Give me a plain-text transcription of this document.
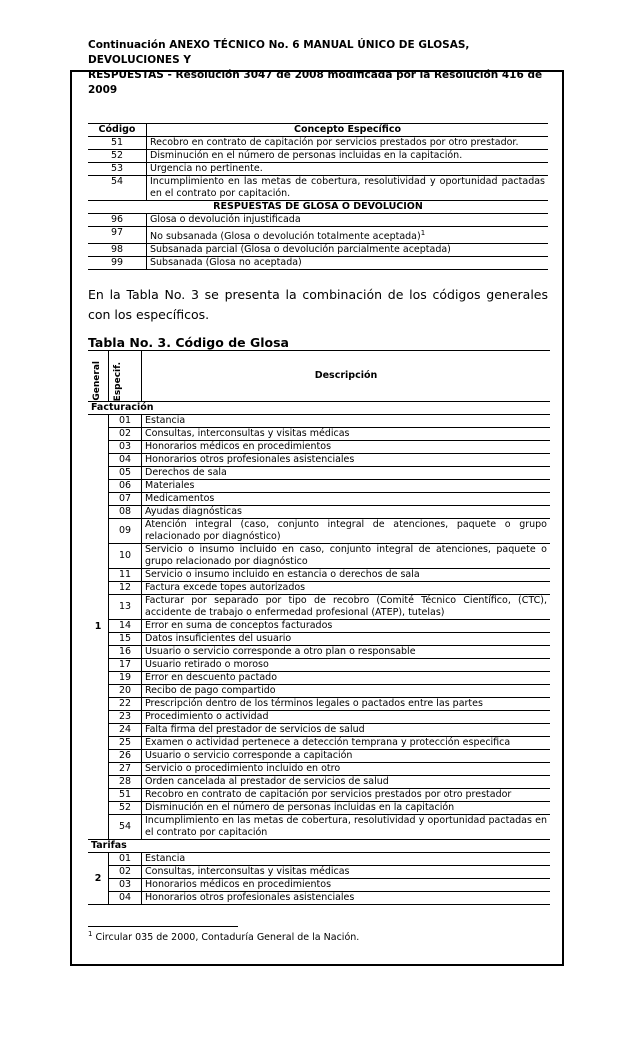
Continuación ANEXO TÉCNICO No. 6 MANUAL ÚNICO DE GLOSAS, DEVOLUCIONES Y
RESPUESTAS - Resolución 3047 de 2008 modificada por la Resolución 416 de 2009
Código	Concepto Específico
51	Recobro en contrato de capitación por servicios prestados por otro prestador.
52	Disminución en el número de personas incluidas en la capitación.
53	Urgencia no pertinente.
54	Incumplimiento en las metas de cobertura, resolutividad y oportunidad pactadas en el contrato por capitación.
RESPUESTAS DE GLOSA O DEVOLUCION	
96	Glosa o devolución injustificada
97	No subsanada (Glosa o devolución totalmente aceptada)$^1$
98	Subsanada parcial (Glosa o devolución parcialmente aceptada)
99	Subsanada (Glosa no aceptada)
En la Tabla No. 3 se presenta la combinación de los códigos generales con los específicos.
Tabla No. 3. Código de Glosa
General	Especif.	Descripción
Facturación		
1	01	Estancia
	02	Consultas, interconsultas y visitas médicas
	03	Honorarios médicos en procedimientos
	04	Honorarios otros profesionales asistenciales
	05	Derechos de sala
	06	Materiales
	07	Medicamentos
	08	Ayudas diagnósticas
	09	Atención integral (caso, conjunto integral de atenciones, paquete o grupo relacionado por diagnóstico)
	10	Servicio o insumo incluido en caso, conjunto integral de atenciones, paquete o grupo relacionado por diagnóstico
	11	Servicio o insumo incluido en estancia o derechos de sala
	12	Factura excede topes autorizados
	13	Facturar por separado por tipo de recobro (Comité Técnico Científico, (CTC), accidente de trabajo o enfermedad profesional (ATEP), tutelas)
	14	Error en suma de conceptos facturados
	15	Datos insuficientes del usuario
	16	Usuario o servicio corresponde a otro plan o responsable
	17	Usuario retirado o moroso
	19	Error en descuento pactado
	20	Recibo de pago compartido
	22	Prescripción dentro de los términos legales o pactados entre las partes
	23	Procedimiento o actividad
	24	Falta firma del prestador de servicios de salud
	25	Examen o actividad pertenece a detección temprana y protección especifica
	26	Usuario o servicio corresponde a capitación
	27	Servicio o procedimiento incluido en otro
	28	Orden cancelada al prestador de servicios de salud
	51	Recobro en contrato de capitación por servicios prestados por otro prestador
	52	Disminución en el número de personas incluidas en la capitación
	54	Incumplimiento en las metas de cobertura, resolutividad y oportunidad pactadas en el contrato por capitación
Tarifas		
2	01	Estancia
	02	Consultas, interconsultas y visitas médicas
	03	Honorarios médicos en procedimientos
	04	Honorarios otros profesionales asistenciales
$^1$ Circular 035 de 2000, Contaduría General de la Nación.
